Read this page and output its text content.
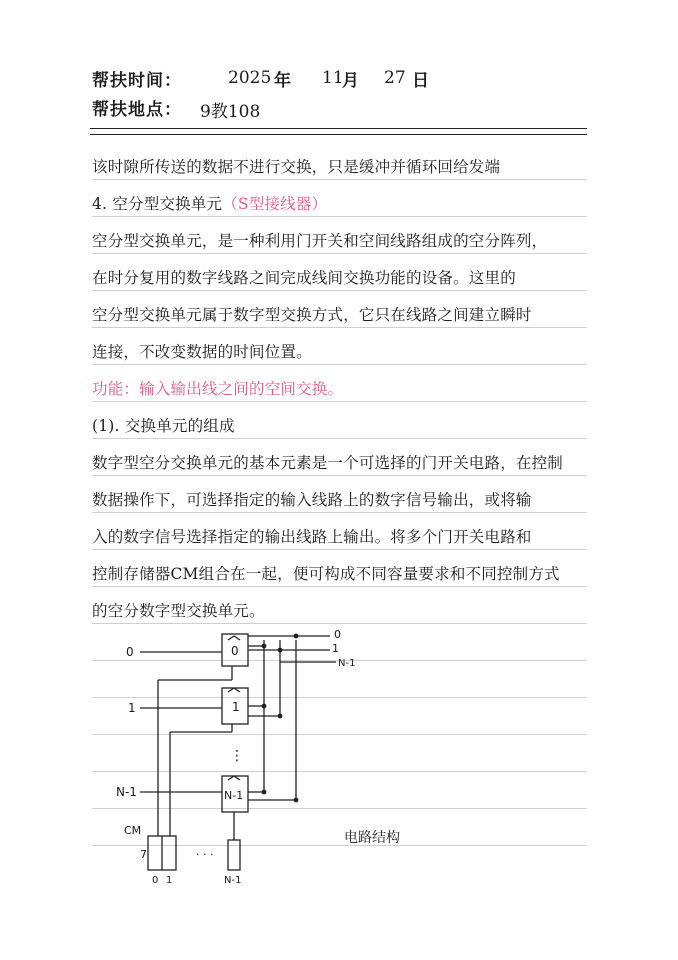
帮扶时间：	2025 年 11
月 27 日
帮扶地点： 9教108
该时隙所传送的数据不进行交换，只是缓冲并循环回给发端
4. 空分型交换单元（S型接线器）
空分型交换单元，是一种利用门开关和空间线路组成的空分阵列，
在时分复用的数字线路之间完成线间交换功能的设备。这里的
空分型交换单元属于数字型交换方式，它只在线路之间建立瞬时
连接，不改变数据的时间位置。
功能：输入输出线之间的空间交换。
(1). 交换单元的组成
数字型空分交换单元的基本元素是一个可选择的门开关电路，在控制
数据操作下，可选择指定的输入线路上的数字信号输出，或将输
入的数字信号选择指定的输出线路上输出。将多个门开关电路和
控制存储器CM组合在一起，便可构成不同容量要求和不同控制方式
的空分数字型交换单元。
0
1
N-1
0
1
N-1
0
1
N-1
⋮
CM
7
0 1
· · ·
N-1
电路结构
